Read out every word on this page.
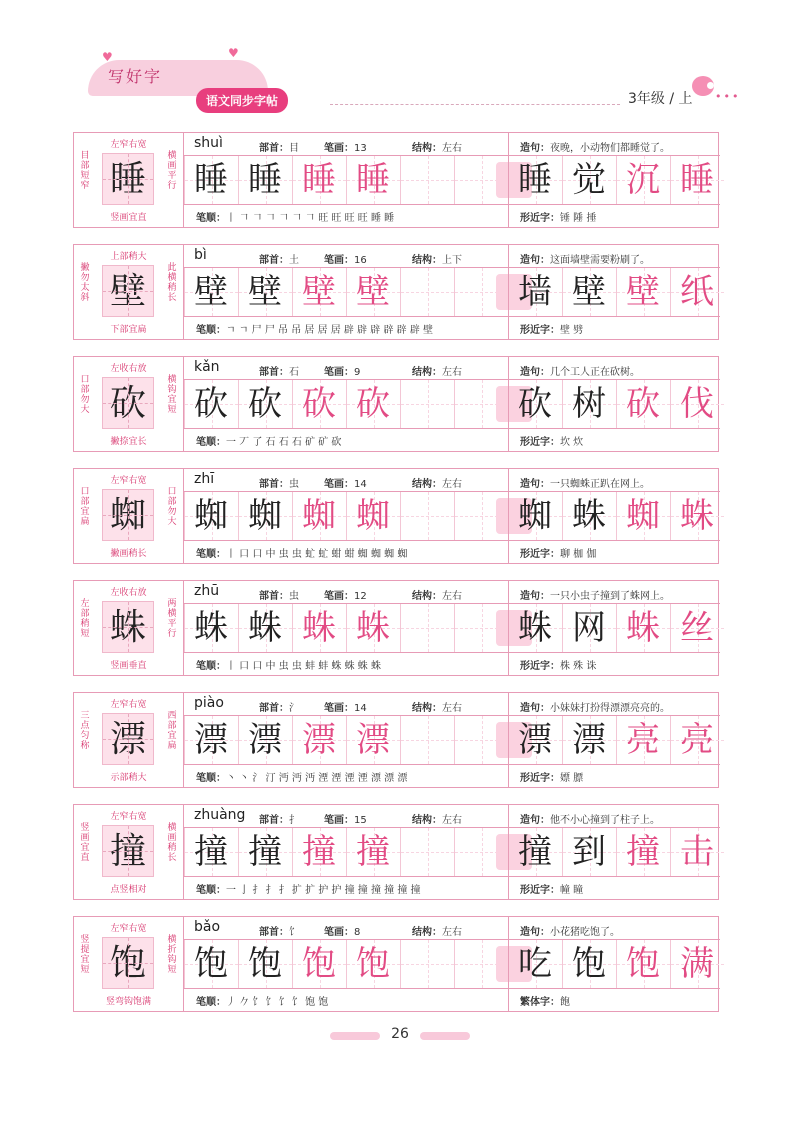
♥	♥
写好字
语文同步字帖	3年级 / 上 •••
左窄右宽
目部短窄
横画平行
睡
竖画宜直
shuì	部首：目	笔画：13	结构：左右	造句：夜晚，小动物们都睡觉了。
睡 睡 睡 睡	睡 觉 沉 睡
笔顺：丨 𠃍 𠃍 𠃍 𠃍 𠃍 𠃍 旺 旺 旺 旺 睡 睡	形近字：锤 陲 捶
上部稍大
撇勿太斜
此横稍长
壁
下部宜扁
bì	部首：土	笔画：16	结构：上下	造句：这面墙壁需要粉刷了。
壁 壁 壁 壁	墙 壁 壁 纸
笔顺：ㄱ ㄱ 尸 尸 吊 吊 居 居 居 辟 辟 辟 辟 辟 辟 壁	形近字：壁 劈
左收右放
口部勿大
横钩宜短
砍
撇捺宜长
kǎn	部首：石	笔画：9	结构：左右	造句：几个工人正在砍树。
砍 砍 砍 砍	砍 树 砍 伐
笔顺：一 丆 了 石 石 石 矿 矿 砍	形近字：坎 炊
左窄右宽
口部宜扁
口部勿大
蜘
撇画稍长
zhī	部首：虫	笔画：14	结构：左右	造句：一只蜘蛛正趴在网上。
蜘 蜘 蜘 蜘	蜘 蛛 蜘 蛛
笔顺：丨 口 口 中 虫 虫 虻 虻 蚶 蚶 蜘 蜘 蜘 蜘	形近字：聊 枷 伽
左收右放
左部稍短
两横平行
蛛
竖画垂直
zhū	部首：虫	笔画：12	结构：左右	造句：一只小虫子撞到了蛛网上。
蛛 蛛 蛛 蛛	蛛 网 蛛 丝
笔顺：丨 口 口 中 虫 虫 蚌 蚌 蛛 蛛 蛛 蛛	形近字：株 殊 诛
左窄右宽
三点匀称
西部宜扁
漂
示部稍大
piào	部首：氵	笔画：14	结构：左右	造句：小妹妹打扮得漂漂亮亮的。
漂 漂 漂 漂	漂 漂 亮 亮
笔顺：丶 丶 氵 汀 沔 沔 沔 湮 湮 湮 湮 漂 漂 漂	形近字：嫖 膘
左窄右宽
竖画宜直
横画稍长
撞
点竖相对
zhuàng 部首：扌	笔画：15	结构：左右	造句：他不小心撞到了柱子上。
撞 撞 撞 撞	撞 到 撞 击
笔顺：一 亅 扌 扌 扌 扩 扩 护 护 撞 撞 撞 撞 撞 撞	形近字：幢 瞳
左窄右宽
竖提宜短
横折钩短
饱
竖弯钩饱满
bǎo	部首：饣	笔画：8	结构：左右	造句：小花猪吃饱了。
饱 饱 饱 饱	吃 饱 饱 满
笔顺：丿 𠂊 饣 饣 饣 饣 饱 饱	繁体字：飽
26
